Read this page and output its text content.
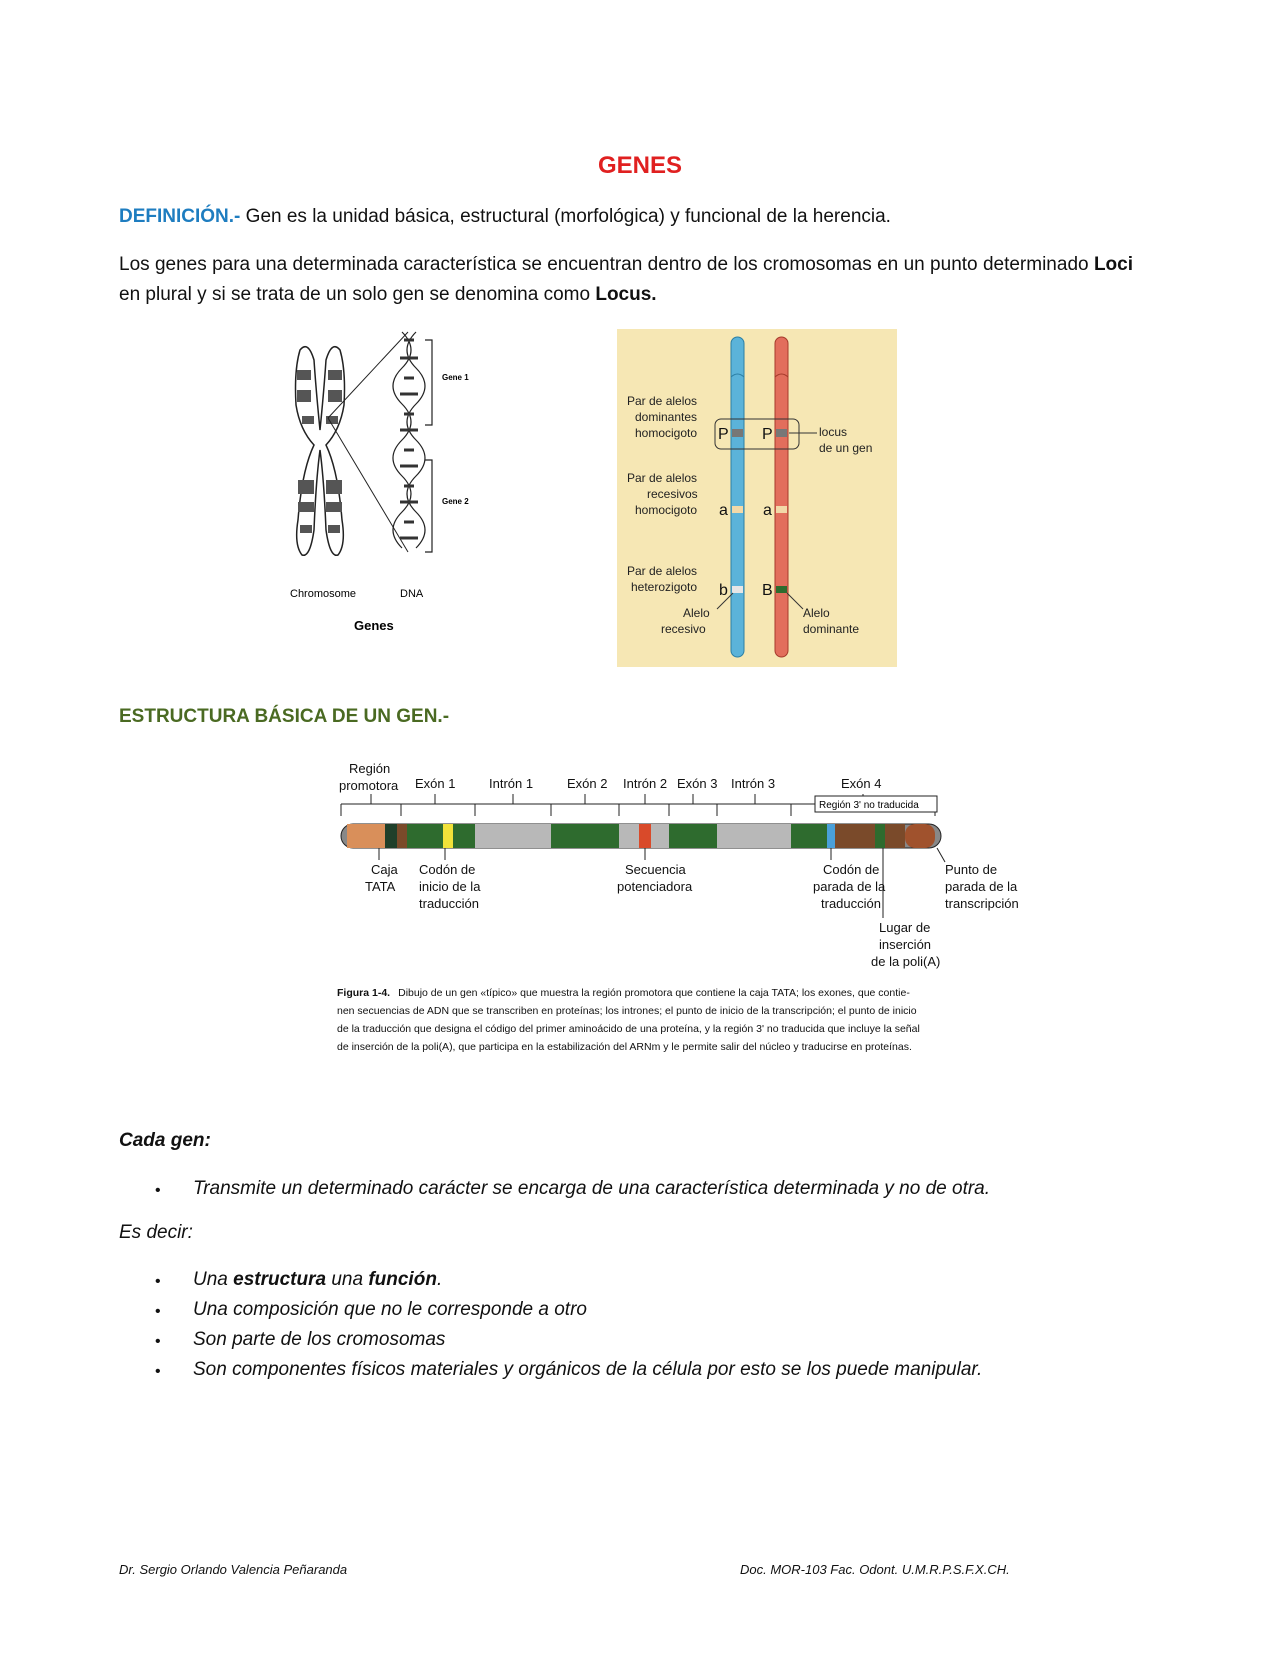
GENES
DEFINICIÓN.- Gen es la unidad básica, estructural (morfológica) y funcional de la herencia.
Los genes para una determinada característica se encuentran dentro de los cromosomas en un punto determinado Loci en plural y si se trata de un solo gen se denomina como Locus.
Gene 1
Gene 2
Chromosome	DNA
Genes
Par de alelos
dominantes
homocigoto
Par de alelos
recesivos
homocigoto
Par de alelos
heterozigoto
locus
de un gen
Alelo
recesivo
Alelo
dominante
P P
a a
b B
ESTRUCTURA BÁSICA DE UN GEN.-
Región
promotora Exón 1	Intrón 1	Exón 2 Intrón 2 Exón 3 Intrón 3	Exón 4
Región 3' no traducida
Caja
TATA
Codón de
inicio de la
traducción
Secuencia
potenciadora
Codón de
parada de la
traducción
Punto de
parada de la
transcripción
Lugar de
inserción
de la poli(A)
Figura 1-4. Dibujo de un gen «típico» que muestra la región promotora que contiene la caja TATA; los exones, que contie-
nen secuencias de ADN que se transcriben en proteínas; los intrones; el punto de inicio de la transcripción; el punto de inicio
de la traducción que designa el código del primer aminoácido de una proteína, y la región 3' no traducida que incluye la señal
de inserción de la poli(A), que participa en la estabilización del ARNm y le permite salir del núcleo y traducirse en proteínas.
Cada gen:
• Transmite un determinado carácter se encarga de una característica determinada y no de otra.
Es decir:
• Una estructura una función.
• Una composición que no le corresponde a otro
• Son parte de los cromosomas
• Son componentes físicos materiales y orgánicos de la célula por esto se los puede manipular.
Dr. Sergio Orlando Valencia Peñaranda	Doc. MOR-103 Fac. Odont. U.M.R.P.S.F.X.CH.
